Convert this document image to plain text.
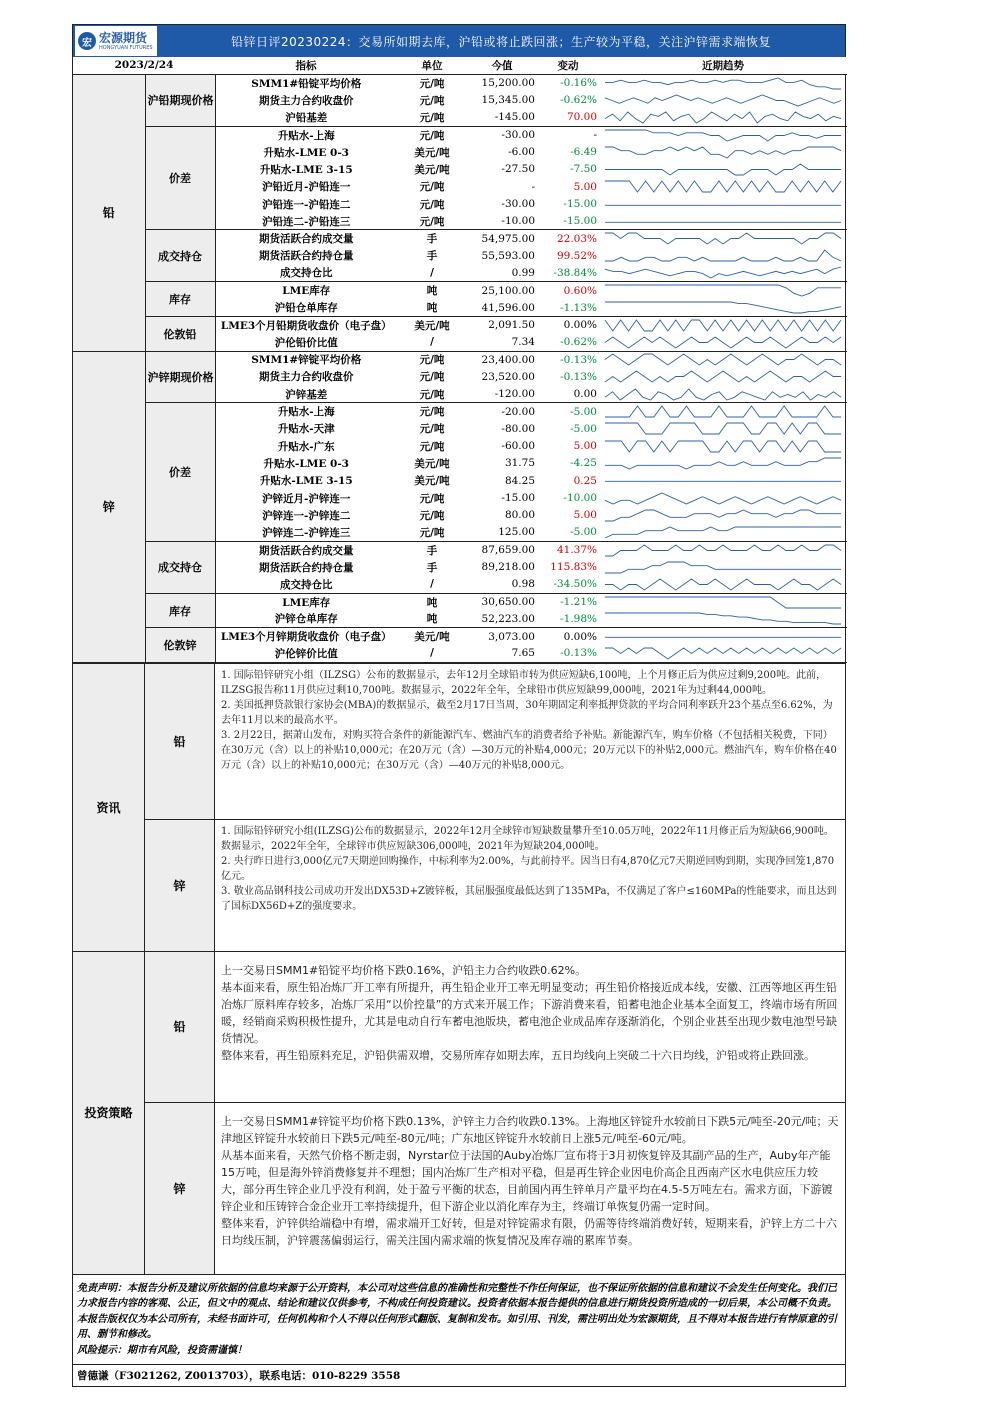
宏 宏源期货
HONGYUAN FUTURES	铅锌日评20230224：交易所如期去库，沪铅或将止跌回涨；生产较为平稳，关注沪锌需求端恢复
2023/2/24		指标	单位	今值	变动	近期趋势
铅	沪铅期现价格	SMM1#铅锭平均价格	元/吨	15,200.00	-0.16%	

		期货主力合约收盘价	元/吨	15,345.00	-0.62%	

		沪铅基差	元/吨	-145.00	70.00	

	价差	升贴水-上海	元/吨	-30.00	-	

		升贴水-LME 0-3	美元/吨	-6.00	-6.49	

		升贴水-LME 3-15	美元/吨	-27.50	-7.50	

		沪铅近月-沪铅连一	元/吨	-	5.00	

		沪铅连一-沪铅连二	元/吨	-30.00	-15.00	

		沪铅连二-沪铅连三	元/吨	-10.00	-15.00	

	成交持仓	期货活跃合约成交量	手	54,975.00	22.03%	

		期货活跃合约持仓量	手	55,593.00	99.52%	

		成交持仓比	/	0.99	-38.84%	

	库存	LME库存	吨	25,100.00	0.60%	

		沪铅仓单库存	吨	41,596.00	-1.13%	

	伦敦铅	LME3个月铅期货收盘价（电子盘）	美元/吨	2,091.50	0.00%	

		沪伦铅价比值	/	7.34	-0.62%	

锌	沪锌期现价格	SMM1#锌锭平均价格	元/吨	23,400.00	-0.13%	

		期货主力合约收盘价	元/吨	23,520.00	-0.13%	

		沪锌基差	元/吨	-120.00	0.00	

	价差	升贴水-上海	元/吨	-20.00	-5.00	

		升贴水-天津	元/吨	-80.00	-5.00	

		升贴水-广东	元/吨	-60.00	5.00	

		升贴水-LME 0-3	美元/吨	31.75	-4.25	

		升贴水-LME 3-15	美元/吨	84.25	0.25	

		沪锌近月-沪锌连一	元/吨	-15.00	-10.00	

		沪锌连一-沪锌连二	元/吨	80.00	5.00	

		沪锌连二-沪锌连三	元/吨	125.00	-5.00	

	成交持仓	期货活跃合约成交量	手	87,659.00	41.37%	

		期货活跃合约持仓量	手	89,218.00	115.83%	

		成交持仓比	/	0.98	-34.50%	

	库存	LME库存	吨	30,650.00	-1.21%	

		沪锌仓单库存	吨	52,223.00	-1.98%	

	伦敦锌	LME3个月锌期货收盘价（电子盘）	美元/吨	3,073.00	0.00%	

		沪伦锌价比值	/	7.65	-0.13%	
资讯
铅

1. 国际铅锌研究小组（ILZSG）公布的数据显示，去年12月全球铅市转为供应短缺6,100吨，上个月修正后为供应过剩9,200吨。此前，ILZSG报告称11月供应过剩10,700吨。数据显示，2022年全年，全球铅市供应短缺99,000吨，2021年为过剩44,000吨。

2. 美国抵押贷款银行家协会(MBA)的数据显示，截至2月17日当周，30年期固定利率抵押贷款的平均合同利率跃升23个基点至6.62%，为去年11月以来的最高水平。

3. 2月22日，据萧山发布，对购买符合条件的新能源汽车、燃油汽车的消费者给予补贴。新能源汽车，购车价格（不包括相关税费，下同）在30万元（含）以上的补贴10,000元；在20万元（含）—30万元的补贴4,000元；20万元以下的补贴2,000元。燃油汽车，购车价格在40万元（含）以上的补贴10,000元；在30万元（含）—40万元的补贴8,000元。

锌

1. 国际铅锌研究小组(ILZSG)公布的数据显示，2022年12月全球锌市短缺数量攀升至10.05万吨，2022年11月修正后为短缺66,900吨。数据显示，2022年全年，全球锌市供应短缺306,000吨，2021年为短缺204,000吨。

2. 央行昨日进行3,000亿元7天期逆回购操作，中标利率为2.00%，与此前持平。因当日有4,870亿元7天期逆回购到期，实现净回笼1,870亿元。

3. 敬业高品钢科技公司成功开发出DX53D+Z镀锌板，其屈服强度最低达到了135MPa，不仅满足了客户≤160MPa的性能要求，而且达到了国标DX56D+Z的强度要求。

投资策略
铅

上一交易日SMM1#铅锭平均价格下跌0.16%，沪铅主力合约收跌0.62%。

基本面来看，原生铅冶炼厂开工率有所提升，再生铅企业开工率无明显变动；再生铅价格接近成本线，安徽、江西等地区再生铅冶炼厂原料库存较多，冶炼厂采用“以价控量”的方式来开展工作；下游消费来看，铅蓄电池企业基本全面复工，终端市场有所回暖，经销商采购积极性提升，尤其是电动自行车蓄电池版块，蓄电池企业成品库存逐渐消化，个别企业甚至出现少数电池型号缺货情况。

整体来看，再生铅原料充足，沪铅供需双增，交易所库存如期去库，五日均线向上突破二十六日均线，沪铅或将止跌回涨。

锌

上一交易日SMM1#锌锭平均价格下跌0.13%，沪锌主力合约收跌0.13%。上海地区锌锭升水较前日下跌5元/吨至-20元/吨；天津地区锌锭升水较前日下跌5元/吨至-80元/吨；广东地区锌锭升水较前日上涨5元/吨至-60元/吨。

从基本面来看，天然气价格不断走弱，Nyrstar位于法国的Auby冶炼厂宣布将于3月初恢复锌及其副产品的生产，Auby年产能15万吨，但是海外锌消费修复并不理想；国内冶炼厂生产相对平稳，但是再生锌企业因电价高企且西南产区水电供应压力较大，部分再生锌企业几乎没有利润，处于盈亏平衡的状态，目前国内再生锌单月产量平均在4.5-5万吨左右。需求方面，下游镀锌企业和压铸锌合金企业开工率持续提升，但下游企业以消化库存为主，终端订单恢复仍需一定时间。

整体来看，沪锌供给端稳中有增，需求端开工好转，但是对锌锭需求有限，仍需等待终端消费好转，短期来看，沪锌上方二十六日均线压制，沪锌震荡偏弱运行，需关注国内需求端的恢复情况及库存端的累库节奏。

免责声明：本报告分析及建议所依据的信息均来源于公开资料，本公司对这些信息的准确性和完整性不作任何保证，也不保证所依据的信息和建议不会发生任何变化。我们已力求报告内容的客观、公正，但文中的观点、结论和建议仅供参考，不构成任何投资建议。投资者依据本报告提供的信息进行期货投资所造成的一切后果，本公司概不负责。本报告版权仅为本公司所有，未经书面许可，任何机构和个人不得以任何形式翻版、复制和发布。如引用、刊发，需注明出处为宏源期货，且不得对本报告进行有悖原意的引用、删节和修改。
风险提示：期市有风险，投资需谨慎！
曾德谦（F3021262, Z0013703），联系电话：010-8229 3558
